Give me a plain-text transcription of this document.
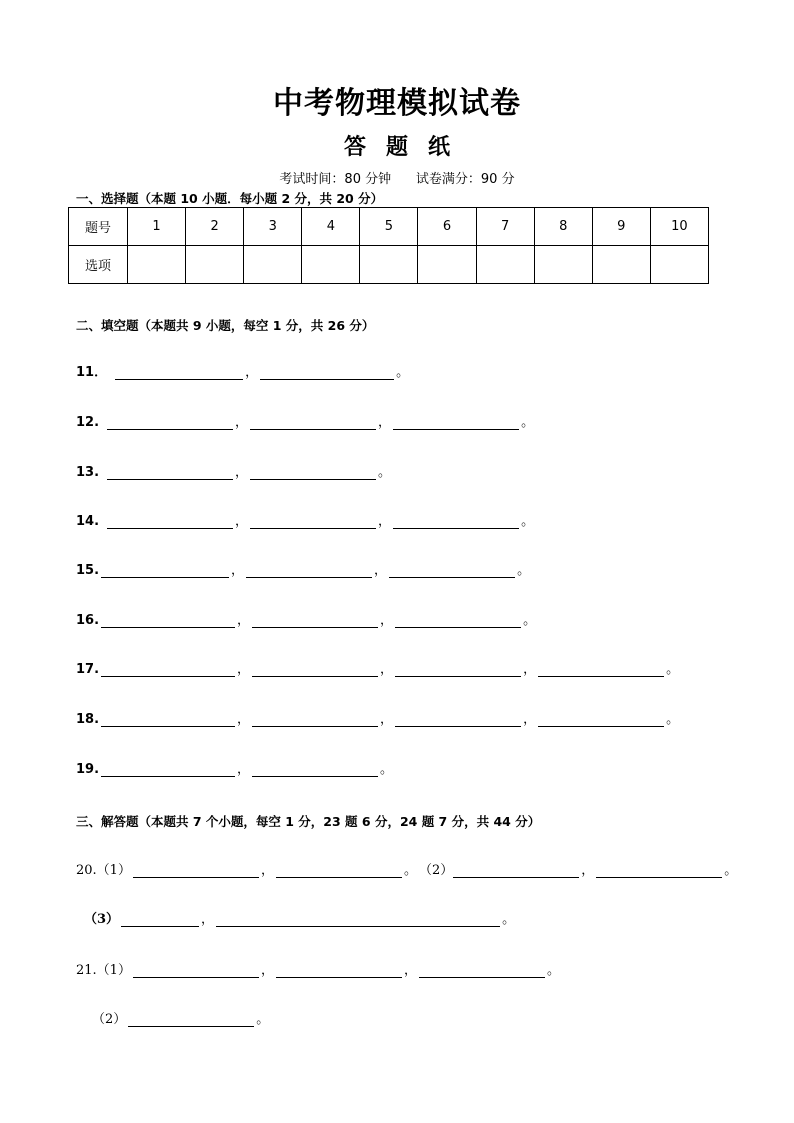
中考物理模拟试卷
答题纸
考试时间：80 分钟      试卷满分：90 分
一、选择题（本题 10 小题．每小题 2 分，共 20 分）
题号	1	2	3	4	5	6	7	8	9	10
选项										
二、填空题（本题共 9 小题，每空 1 分，共 26 分）
11．	，	。
12.	，	，	。
13.	，	。
14.	，	，	。
15.	，	，	。
16.	，	，	。
17.	，	，	，	。
18.	，	，	，	。
19.	，	。
三、解答题（本题共 7 个小题，每空 1 分，23 题 6 分，24 题 7 分，共 44 分）
20.（1）	，	。 （2）	，	。
（3）	，	。
21.（1）	，	，	。
（2）	。
